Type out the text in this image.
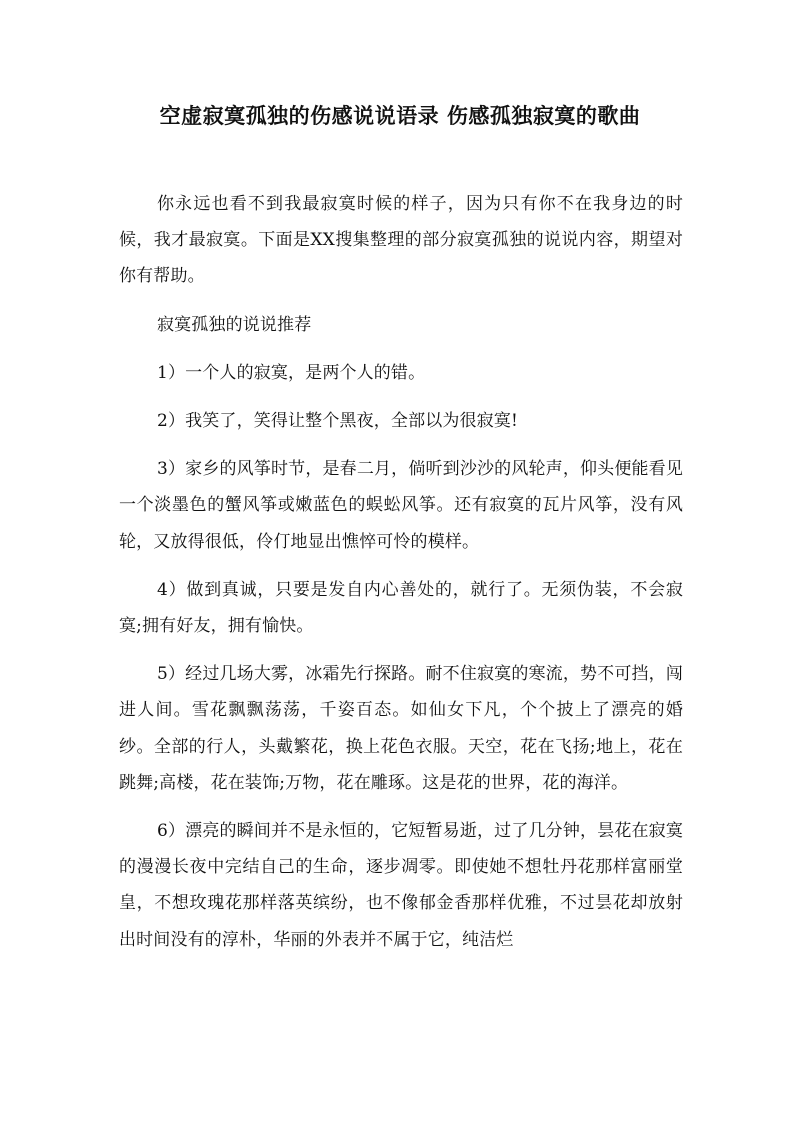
空虚寂寞孤独的伤感说说语录 伤感孤独寂寞的歌曲

你永远也看不到我最寂寞时候的样子，因为只有你不在我身边的时候，我才最寂寞。下面是XX搜集整理的部分寂寞孤独的说说内容，期望对你有帮助。

寂寞孤独的说说推荐

1）一个人的寂寞，是两个人的错。

2）我笑了，笑得让整个黑夜，全部以为很寂寞!

3）家乡的风筝时节，是春二月，倘听到沙沙的风轮声，仰头便能看见一个淡墨色的蟹风筝或嫩蓝色的蜈蚣风筝。还有寂寞的瓦片风筝，没有风轮，又放得很低，伶仃地显出憔悴可怜的模样。

4）做到真诚，只要是发自内心善处的，就行了。无须伪装，不会寂寞;拥有好友，拥有愉快。

5）经过几场大雾，冰霜先行探路。耐不住寂寞的寒流，势不可挡，闯进人间。雪花飘飘荡荡，千姿百态。如仙女下凡，个个披上了漂亮的婚纱。全部的行人，头戴繁花，换上花色衣服。天空，花在飞扬;地上，花在跳舞;高楼，花在装饰;万物，花在雕琢。这是花的世界，花的海洋。

6）漂亮的瞬间并不是永恒的，它短暂易逝，过了几分钟，昙花在寂寞的漫漫长夜中完结自己的生命，逐步凋零。即使她不想牡丹花那样富丽堂皇，不想玫瑰花那样落英缤纷，也不像郁金香那样优雅，不过昙花却放射出时间没有的淳朴，华丽的外表并不属于它，纯洁烂
